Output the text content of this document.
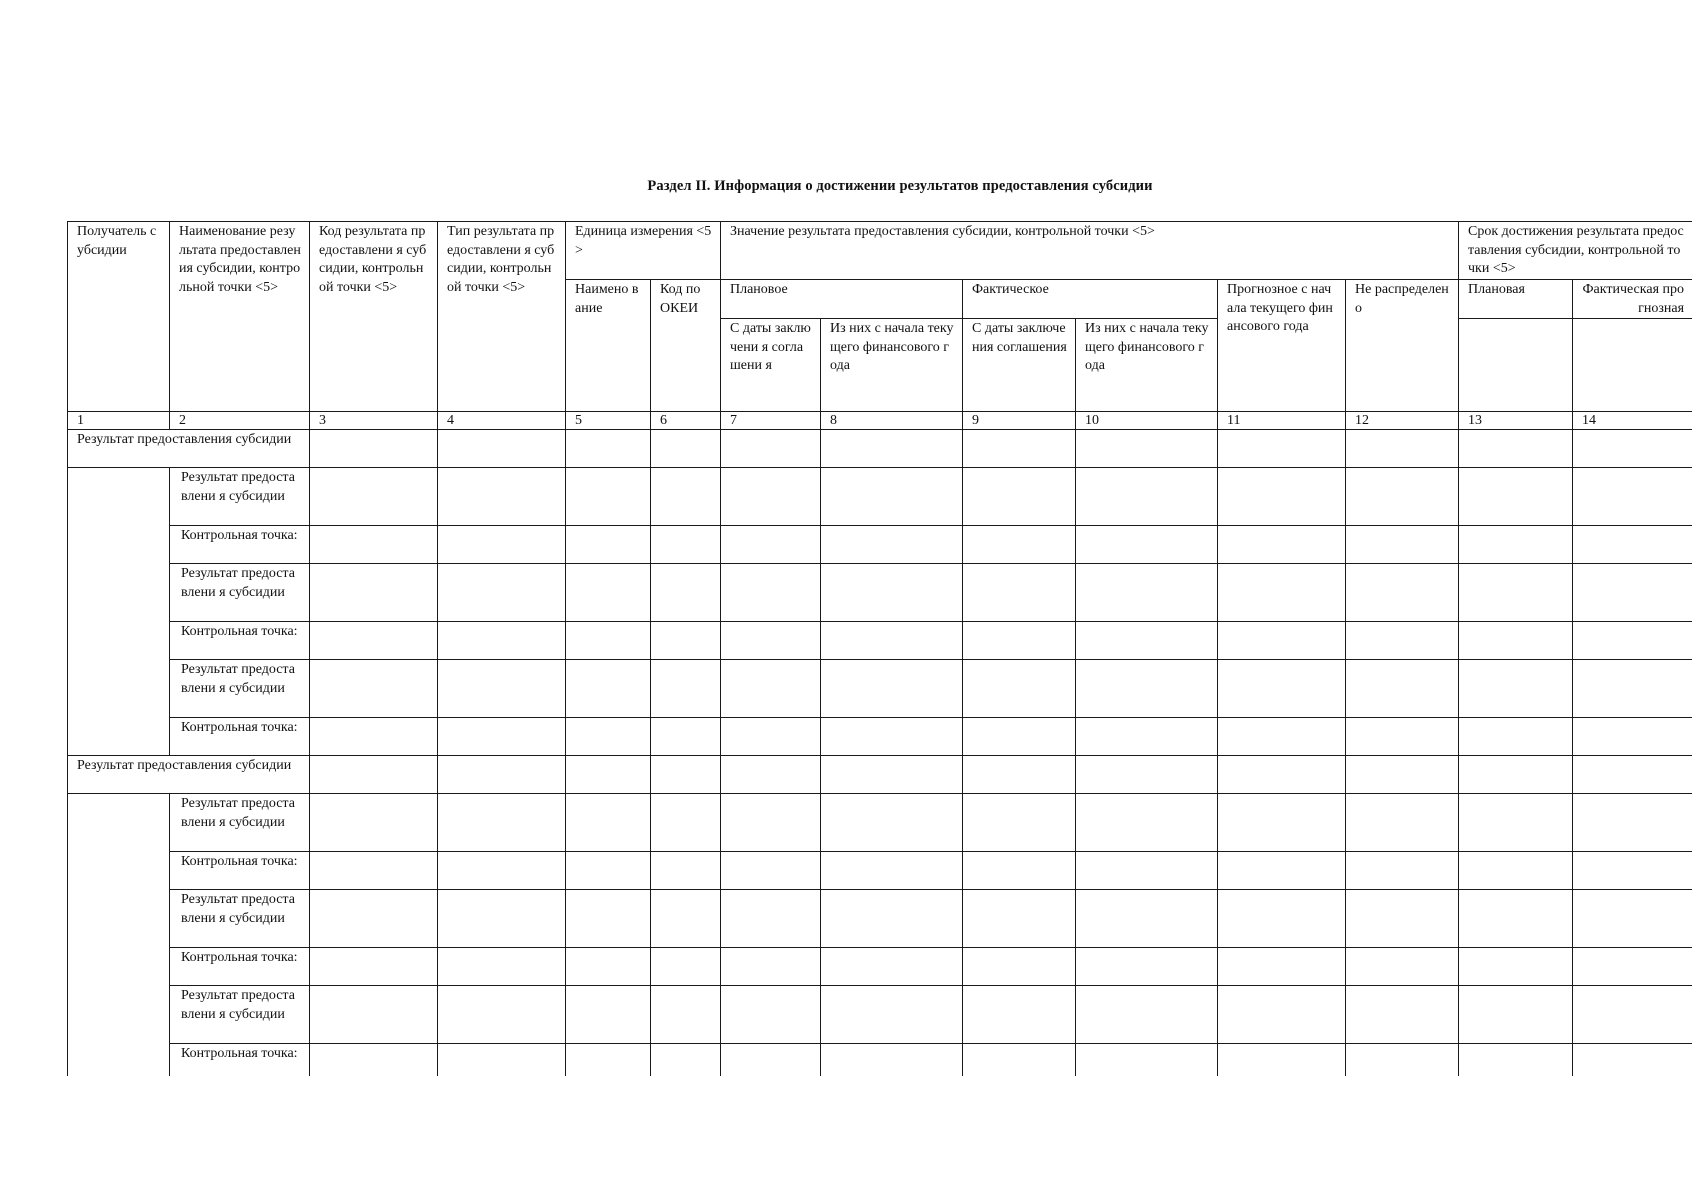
Раздел II. Информация о достижении результатов предоставления субсидии
Получатель субсидии	Наименование результата предоставления субсидии, контрольной точки <5>	Код результата предоставлени я субсидии, контрольной точки <5>	Тип результата предоставлени я субсидии, контрольной точки <5>	Единица измерения <5>		Значение результата предоставления субсидии, контрольной точки <5>						Срок достижения результата предоставления субсидии, контрольной точки <5>	
				Наимено вание	Код по ОКЕИ	Плановое		Фактическое		Прогнозное с начала текущего финансового года	Не распределен о	Плановая	Фактическая прогнозная
						С даты заключени я соглашени я	Из них с начала текущего финансового года	С даты заключения соглашения	Из них с начала текущего финансового года				
1	2	3	4	5	6	7	8	9	10	11	12	13	14
Результат предоставления субсидии													
	Результат предоставлени я субсидии												
	Контрольная точка:												
	Результат предоставлени я субсидии												
	Контрольная точка:												
	Результат предоставлени я субсидии												
	Контрольная точка:												
Результат предоставления субсидии													
	Результат предоставлени я субсидии												
	Контрольная точка:												
	Результат предоставлени я субсидии												
	Контрольная точка:												
	Результат предоставлени я субсидии												
	Контрольная точка:												
